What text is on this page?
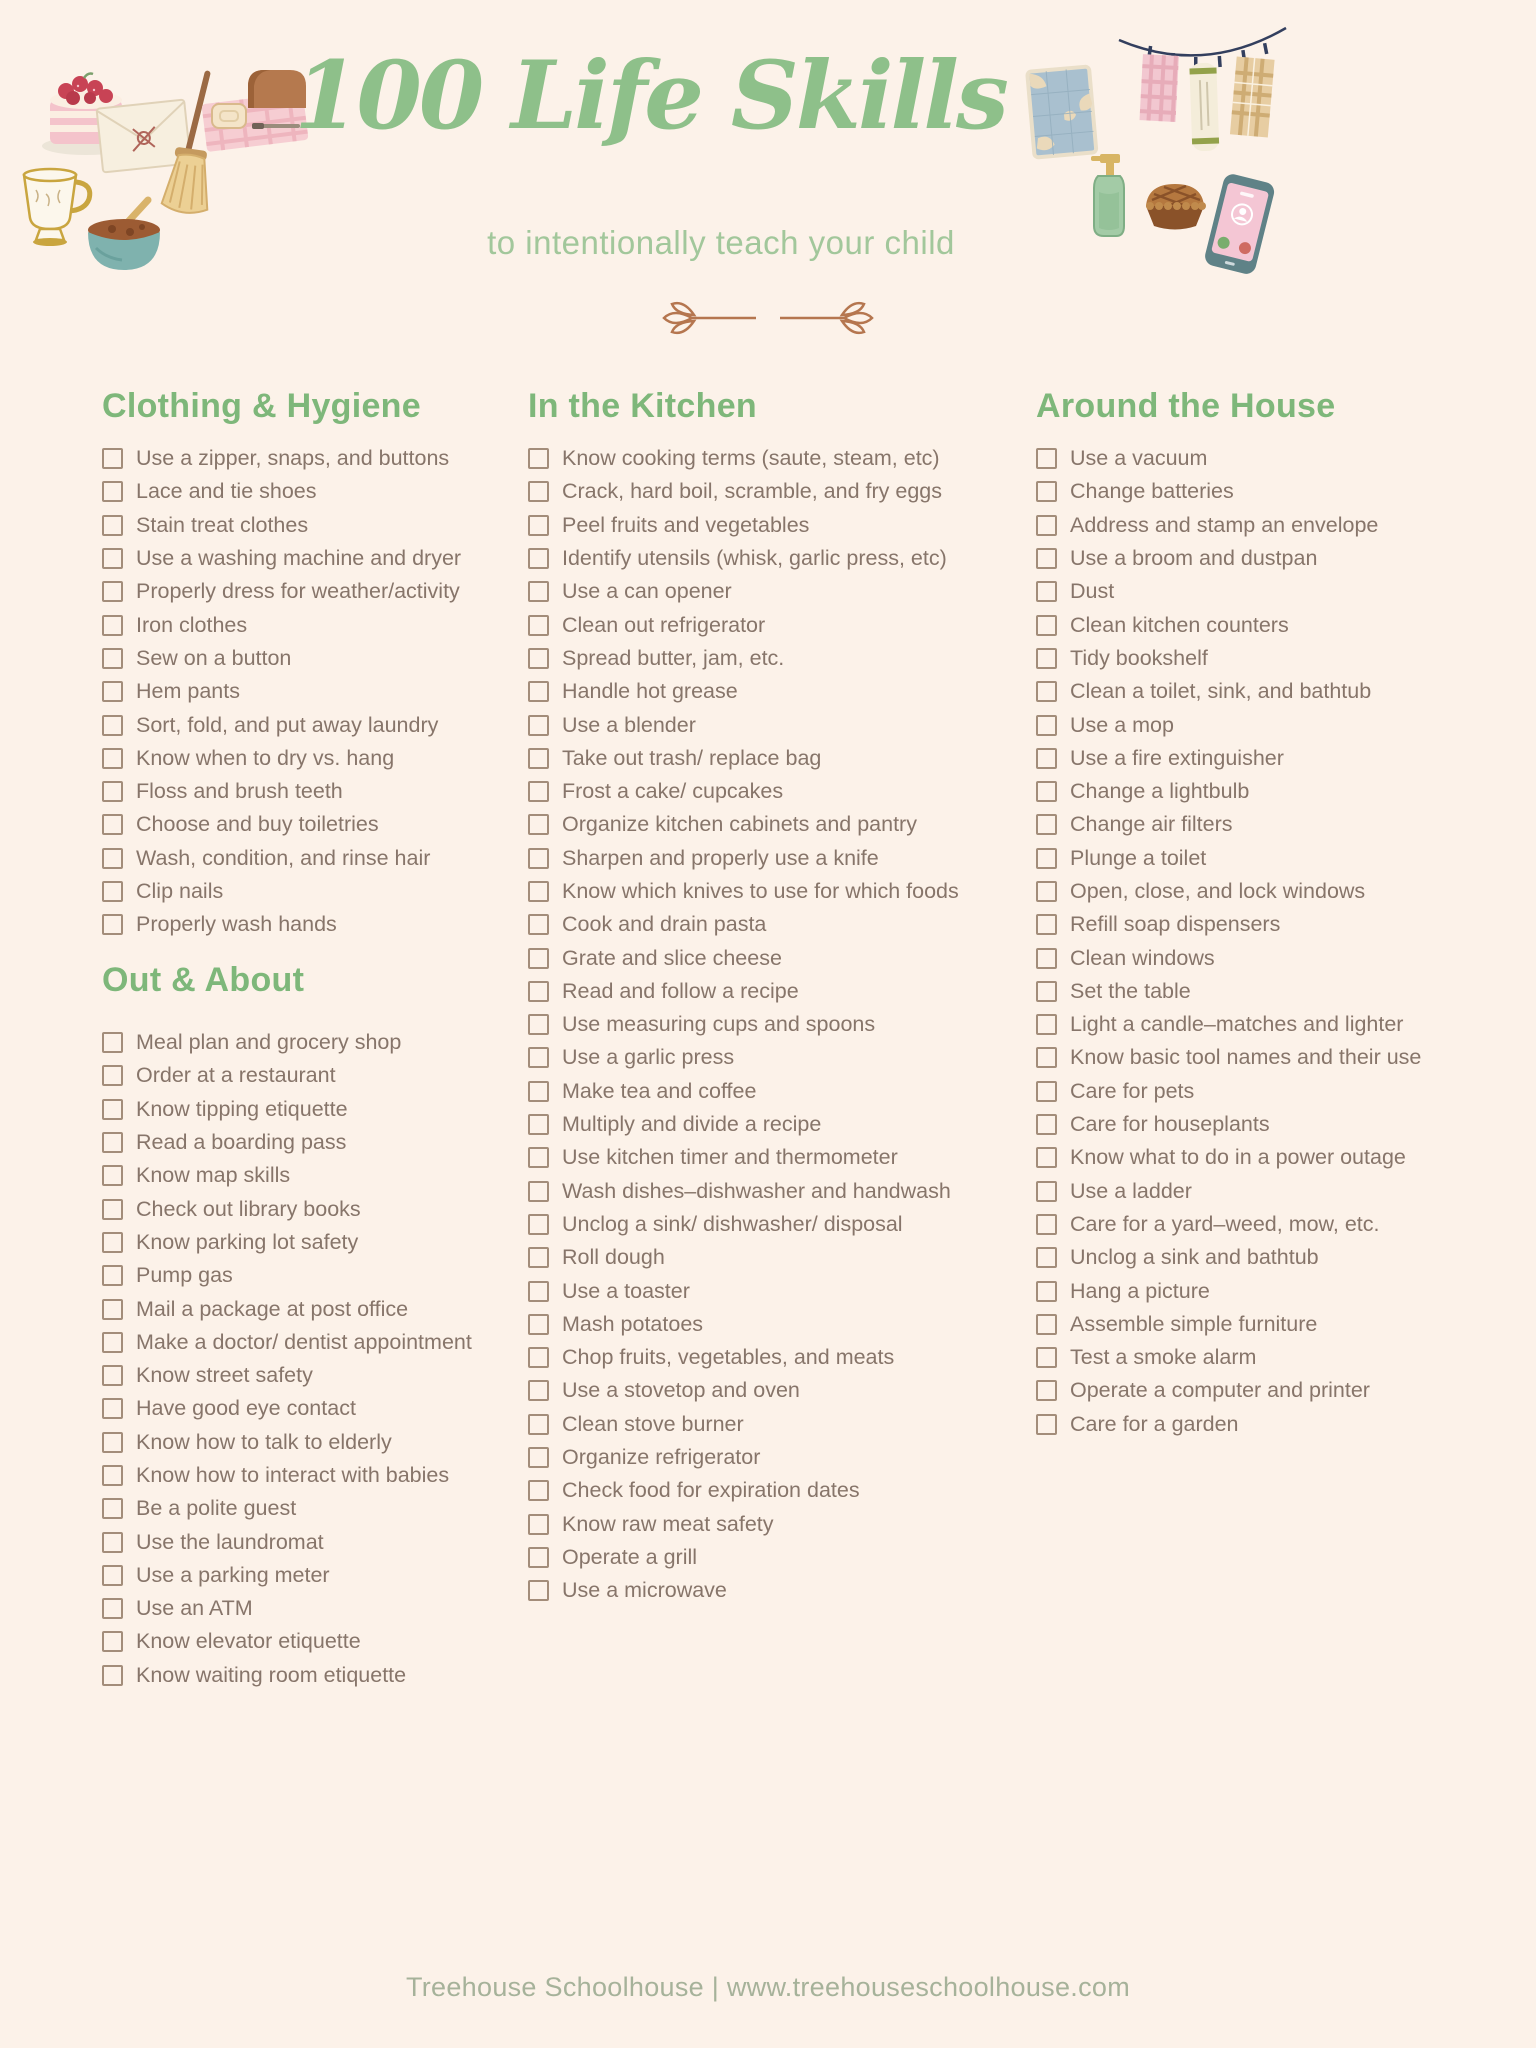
100 Life Skills
to intentionally teach your child
Clothing & Hygiene
Use a zipper, snaps, and buttons
Lace and tie shoes
Stain treat clothes
Use a washing machine and dryer
Properly dress for weather/activity
Iron clothes
Sew on a button
Hem pants
Sort, fold, and put away laundry
Know when to dry vs. hang
Floss and brush teeth
Choose and buy toiletries
Wash, condition, and rinse hair
Clip nails
Properly wash hands
Out & About
Meal plan and grocery shop
Order at a restaurant
Know tipping etiquette
Read a boarding pass
Know map skills
Check out library books
Know parking lot safety
Pump gas
Mail a package at post office
Make a doctor/ dentist appointment
Know street safety
Have good eye contact
Know how to talk to elderly
Know how to interact with babies
Be a polite guest
Use the laundromat
Use a parking meter
Use an ATM
Know elevator etiquette
Know waiting room etiquette
In the Kitchen
Know cooking terms (saute, steam, etc)
Crack, hard boil, scramble, and fry eggs
Peel fruits and vegetables
Identify utensils (whisk, garlic press, etc)
Use a can opener
Clean out refrigerator
Spread butter, jam, etc.
Handle hot grease
Use a blender
Take out trash/ replace bag
Frost a cake/ cupcakes
Organize kitchen cabinets and pantry
Sharpen and properly use a knife
Know which knives to use for which foods
Cook and drain pasta
Grate and slice cheese
Read and follow a recipe
Use measuring cups and spoons
Use a garlic press
Make tea and coffee
Multiply and divide a recipe
Use kitchen timer and thermometer
Wash dishes–dishwasher and handwash
Unclog a sink/ dishwasher/ disposal
Roll dough
Use a toaster
Mash potatoes
Chop fruits, vegetables, and meats
Use a stovetop and oven
Clean stove burner
Organize refrigerator
Check food for expiration dates
Know raw meat safety
Operate a grill
Use a microwave
Around the House
Use a vacuum
Change batteries
Address and stamp an envelope
Use a broom and dustpan
Dust
Clean kitchen counters
Tidy bookshelf
Clean a toilet, sink, and bathtub
Use a mop
Use a fire extinguisher
Change a lightbulb
Change air filters
Plunge a toilet
Open, close, and lock windows
Refill soap dispensers
Clean windows
Set the table
Light a candle–matches and lighter
Know basic tool names and their use
Care for pets
Care for houseplants
Know what to do in a power outage
Use a ladder
Care for a yard–weed, mow, etc.
Unclog a sink and bathtub
Hang a picture
Assemble simple furniture
Test a smoke alarm
Operate a computer and printer
Care for a garden
Treehouse Schoolhouse | www.treehouseschoolhouse.com
